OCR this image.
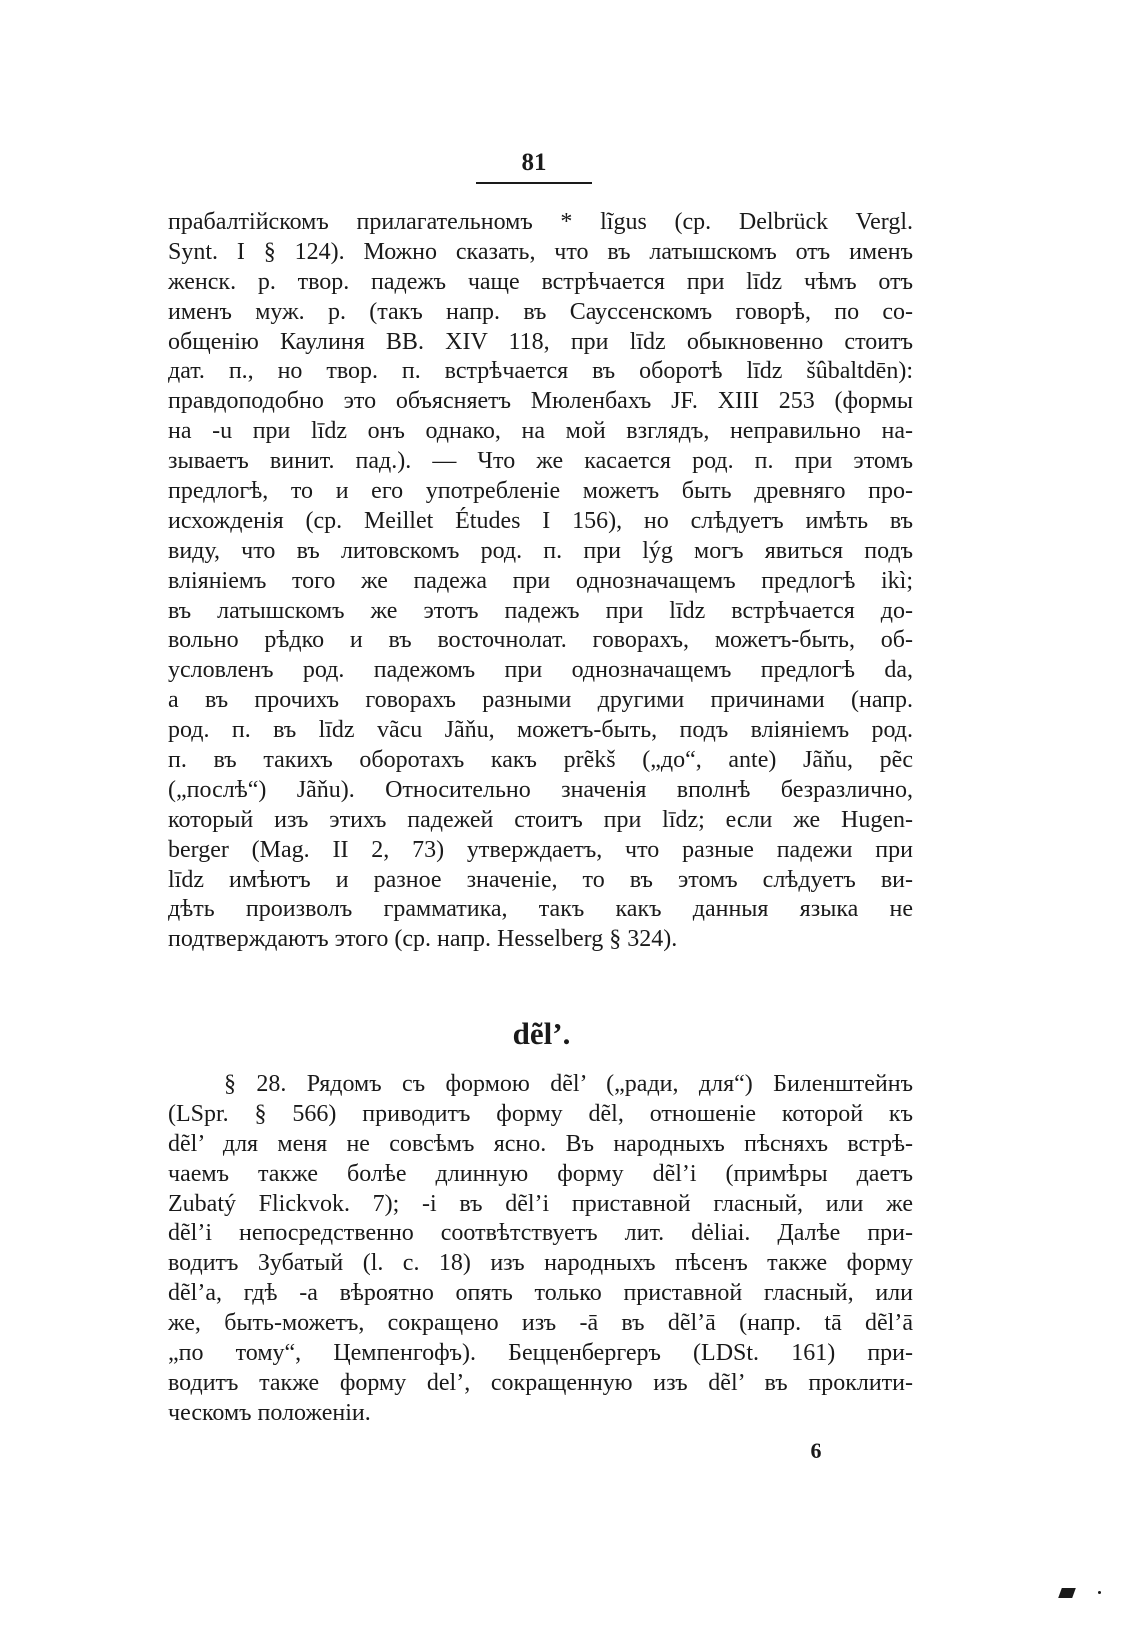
81
прабалтійскомъ прилагательномъ * lĩgus (ср. Delbrück Vergl.
Synt. I § 124). Можно сказать, что въ латышскомъ отъ именъ
женск. р. твор. падежъ чаще встрѣчается при līdz чѣмъ отъ
именъ муж. р. (такъ напр. въ Саусcенскомъ говорѣ, по со-
общенію Каулиня BB. XIV 118, при līdz обыкновенно стоитъ
дат. п., но твор. п. встрѣчается въ оборотѣ līdz šûbaltdēn):
правдоподобно это объясняетъ Мюленбахъ JF. XIII 253 (формы
на -u при līdz онъ однако, на мой взглядъ, неправильно на-
зываетъ винит. пад.). — Что же касается род. п. при этомъ
предлогѣ, то и его употребленіе можетъ быть древняго про-
исхожденія (ср. Meillet Études I 156), но слѣдуетъ имѣть въ
виду, что въ литовскомъ род. п. при lýg могъ явиться подъ
вліяніемъ того же падежа при однозначащемъ предлогѣ ikì;
въ латышскомъ же этотъ падежъ при līdz встрѣчается до-
вольно рѣдко и въ восточнолат. говорахъ, можетъ-быть, об-
условленъ род. падежомъ при однозначащемъ предлогѣ da,
а въ прочихъ говорахъ разными другими причинами (напр.
род. п. въ līdz vãcu Jãňu, можетъ-быть, подъ вліяніемъ род.
п. въ такихъ оборотахъ какъ prẽkš („до“, ante) Jãňu, pẽc
(„послѣ“) Jãňu). Относительно значенія вполнѣ безразлично,
который изъ этихъ падежей стоитъ при līdz; если же Hugen-
berger (Mag. II 2, 73) утверждаетъ, что разные падежи при
līdz имѣютъ и разное значеніе, то въ этомъ слѣдуетъ ви-
дѣть произволъ грамматика, такъ какъ данныя языка не
подтверждаютъ этого (ср. напр. Hesselberg § 324).
dẽl’.
§ 28. Рядомъ съ формою dẽl’ („ради, для“) Биленштейнъ
(LSpr. § 566) приводитъ форму dẽl, отношеніе которой къ
dẽl’ для меня не совсѣмъ ясно. Въ народныхъ пѣсняхъ встрѣ-
чаемъ также болѣе длинную форму dẽl’i (примѣры даетъ
Zubatý Flickvok. 7); -i въ dẽl’i приставной гласный, или же
dẽl’i непосредственно соотвѣтствуетъ лит. dėliai. Далѣе при-
водитъ Зубатый (l. c. 18) изъ народныхъ пѣсенъ также форму
dẽl’a, гдѣ -a вѣроятно опять только приставной гласный, или
же, быть-можетъ, сокращено изъ -ā въ dẽl’ā (напр. tā dẽl’ā
„по тому“, Цемпенгофъ). Бецценбергеръ (LDSt. 161) при-
водитъ также форму del’, сокращенную изъ dẽl’ въ проклити-
ческомъ положеніи.
6
